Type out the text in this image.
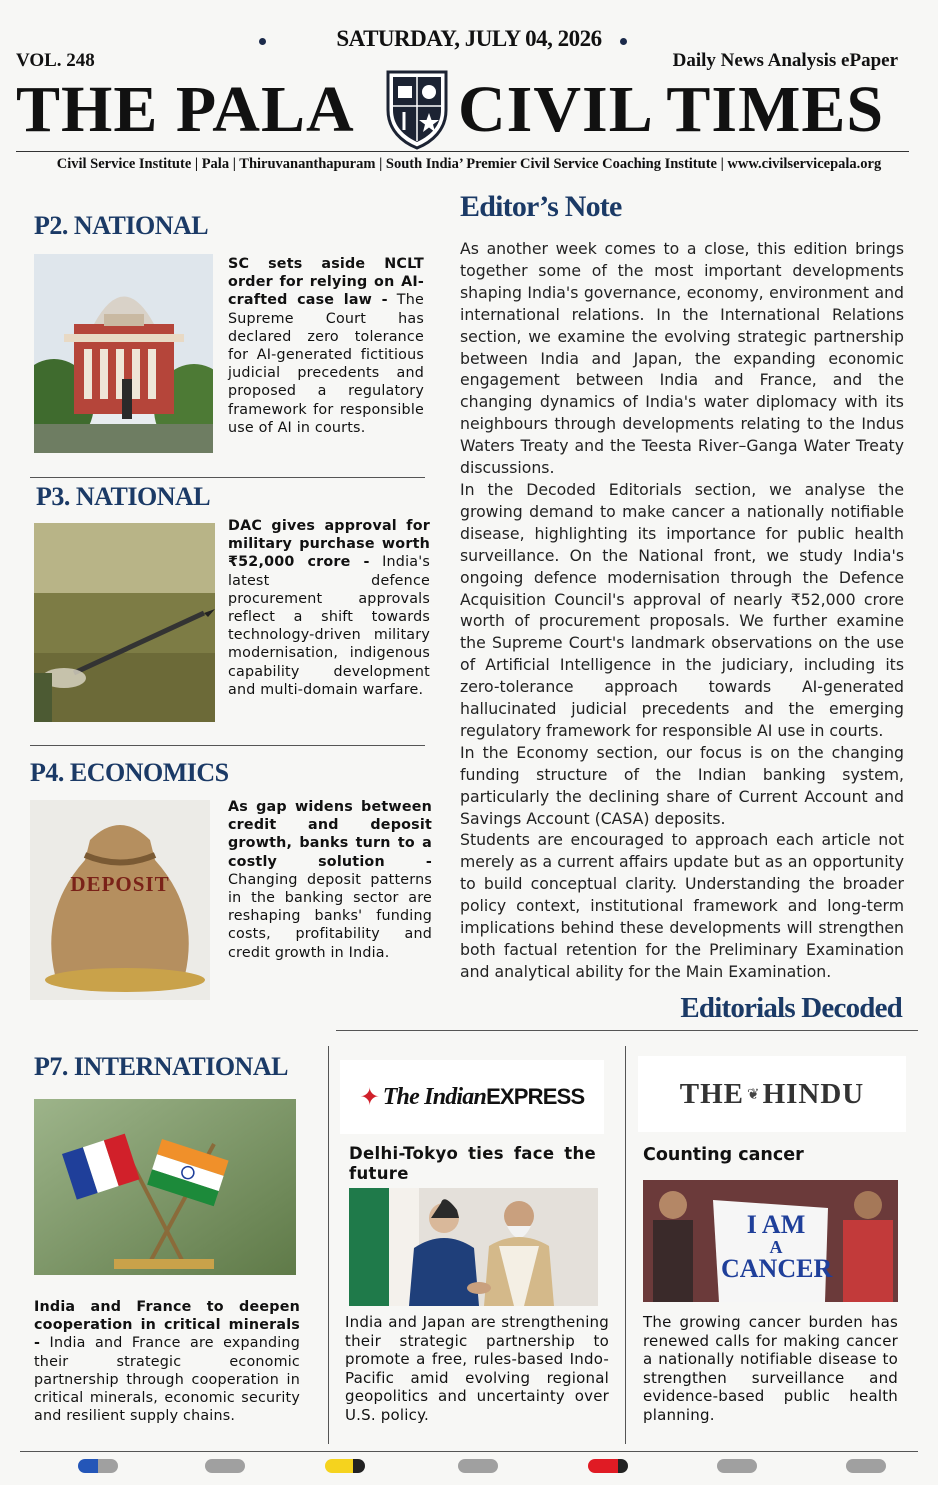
SATURDAY, JULY 04, 2026
VOL. 248	Daily News Analysis ePaper
THE PALA CIVIL TIMES
Civil Service Institute | Pala | Thiruvananthapuram | South India’ Premier Civil Service Coaching Institute | www.civilservicepala.org
P2. NATIONAL
SC sets aside NCLT order for relying on AI-crafted case law - The Supreme Court has declared zero tolerance for AI-generated fictitious judicial precedents and proposed a regulatory framework for responsible use of AI in courts.
P3. NATIONAL
DAC gives approval for military purchase worth ₹52,000 crore - India's latest defence procurement approvals reflect a shift towards technology-driven military modernisation, indigenous capability development and multi-domain warfare.
P4. ECONOMICS
DEPOSIT
As gap widens between credit and deposit growth, banks turn to a costly solution - Changing deposit patterns in the banking sector are reshaping banks' funding costs, profitability and credit growth in India.
Editor’s Note

As another week comes to a close, this edition brings together some of the most important developments shaping India's governance, economy, environment and international relations. In the International Relations section, we examine the evolving strategic partnership between India and Japan, the expanding economic engagement between India and France, and the changing dynamics of India's water diplomacy with its neighbours through developments relating to the Indus Waters Treaty and the Teesta River–Ganga Water Treaty discussions.

In the Decoded Editorials section, we analyse the growing demand to make cancer a nationally notifiable disease, highlighting its importance for public health surveillance. On the National front, we study India's ongoing defence modernisation through the Defence Acquisition Council's approval of nearly ₹52,000 crore worth of procurement proposals. We further examine the Supreme Court's landmark observations on the use of Artificial Intelligence in the judiciary, including its zero-tolerance approach towards AI-generated hallucinated judicial precedents and the emerging regulatory framework for responsible AI use in courts.

In the Economy section, our focus is on the changing funding structure of the Indian banking system, particularly the declining share of Current Account and Savings Account (CASA) deposits.

Students are encouraged to approach each article not merely as a current affairs update but as an opportunity to build conceptual clarity. Understanding the broader policy context, institutional framework and long-term implications behind these developments will strengthen both factual retention for the Preliminary Examination and analytical ability for the Main Examination.

Editorials Decoded
P7. INTERNATIONAL
India and France to deepen cooperation in critical minerals - India and France are expanding their strategic economic partnership through cooperation in critical minerals, economic security and resilient supply chains.
✦ The Indian EXPRESS
Delhi-Tokyo ties face the future
India and Japan are strengthening their strategic partnership to promote a free, rules-based Indo-Pacific amid evolving regional geopolitics and uncertainty over U.S. policy.
THE ❦ HINDU
Counting cancer
I AM
A
CANCER
The growing cancer burden has renewed calls for making cancer a nationally notifiable disease to strengthen surveillance and evidence-based public health planning.
